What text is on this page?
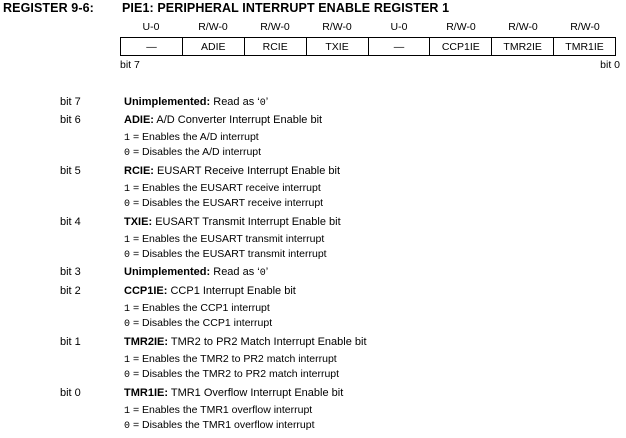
REGISTER 9-6: PIE1: PERIPHERAL INTERRUPT ENABLE REGISTER 1
U-0	R/W-0	R/W-0	R/W-0	U-0	R/W-0	R/W-0	R/W-0
—	ADIE	RCIE	TXIE	—	CCP1IE	TMR2IE	TMR1IE
bit 7	bit 0
bit 7	Unimplemented: Read as ‘0’
bit 6	ADIE: A/D Converter Interrupt Enable bit
1 = Enables the A/D interrupt
0 = Disables the A/D interrupt
bit 5	RCIE: EUSART Receive Interrupt Enable bit
1 = Enables the EUSART receive interrupt
0 = Disables the EUSART receive interrupt
bit 4	TXIE: EUSART Transmit Interrupt Enable bit
1 = Enables the EUSART transmit interrupt
0 = Disables the EUSART transmit interrupt
bit 3	Unimplemented: Read as ‘0’
bit 2	CCP1IE: CCP1 Interrupt Enable bit
1 = Enables the CCP1 interrupt
0 = Disables the CCP1 interrupt
bit 1	TMR2IE: TMR2 to PR2 Match Interrupt Enable bit
1 = Enables the TMR2 to PR2 match interrupt
0 = Disables the TMR2 to PR2 match interrupt
bit 0	TMR1IE: TMR1 Overflow Interrupt Enable bit
1 = Enables the TMR1 overflow interrupt
0 = Disables the TMR1 overflow interrupt
